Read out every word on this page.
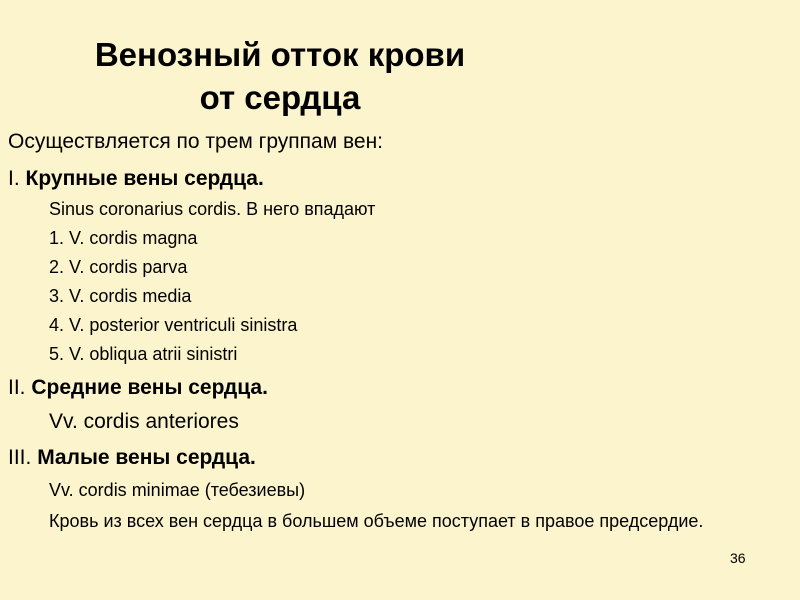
Венозный отток крови
от сердца
Осуществляется по трем группам вен:
I. Крупные вены сердца.
Sinus coronarius cordis. В него впадают
1. V. cordis magna
2. V. cordis parva
3. V. cordis media
4. V. posterior ventriculi sinistra
5. V. obliqua atrii sinistri
II. Средние вены сердца.
Vv. cordis anteriores
III. Малые вены сердца.
Vv. cordis minimae (тебезиевы)
Кровь из всех вен сердца в большем объеме поступает в правое предсердие.
36
